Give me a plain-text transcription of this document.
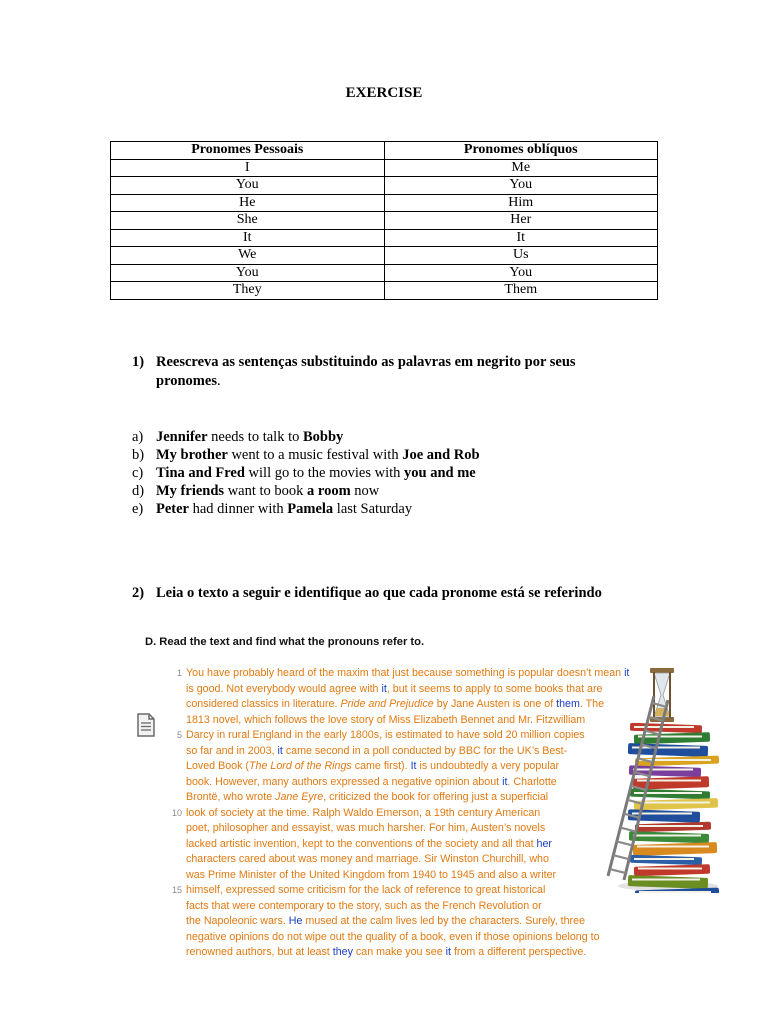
EXERCISE
Pronomes Pessoais	Pronomes oblíquos
I	Me
You	You
He	Him
She	Her
It	It
We	Us
You	You
They	Them
1) Reescreva as sentenças substituindo as palavras em negrito por seus pronomes.
a) Jennifer needs to talk to Bobby
b) My brother went to a music festival with Joe and Rob
c) Tina and Fred will go to the movies with you and me
d) My friends want to book a room now
e) Peter had dinner with Pamela last Saturday
2) Leia o texto a seguir e identifique ao que cada pronome está se referindo
D. Read the text and find what the pronouns refer to.
1 You have probably heard of the maxim that just because something is popular doesn’t mean it
is good. Not everybody would agree with it, but it seems to apply to some books that are
considered classics in literature. Pride and Prejudice by Jane Austen is one of them. The
1813 novel, which follows the love story of Miss Elizabeth Bennet and Mr. Fitzwilliam
5 Darcy in rural England in the early 1800s, is estimated to have sold 20 million copies
so far and in 2003, it came second in a poll conducted by BBC for the UK’s Best-
Loved Book (The Lord of the Rings came first). It is undoubtedly a very popular
book. However, many authors expressed a negative opinion about it. Charlotte
Brontë, who wrote Jane Eyre, criticized the book for offering just a superficial
10 look of society at the time. Ralph Waldo Emerson, a 19th century American
poet, philosopher and essayist, was much harsher. For him, Austen’s novels
lacked artistic invention, kept to the conventions of the society and all that her
characters cared about was money and marriage. Sir Winston Churchill, who
was Prime Minister of the United Kingdom from 1940 to 1945 and also a writer
15 himself, expressed some criticism for the lack of reference to great historical
facts that were contemporary to the story, such as the French Revolution or
the Napoleonic wars. He mused at the calm lives led by the characters. Surely, three
negative opinions do not wipe out the quality of a book, even if those opinions belong to
renowned authors, but at least they can make you see it from a different perspective.
